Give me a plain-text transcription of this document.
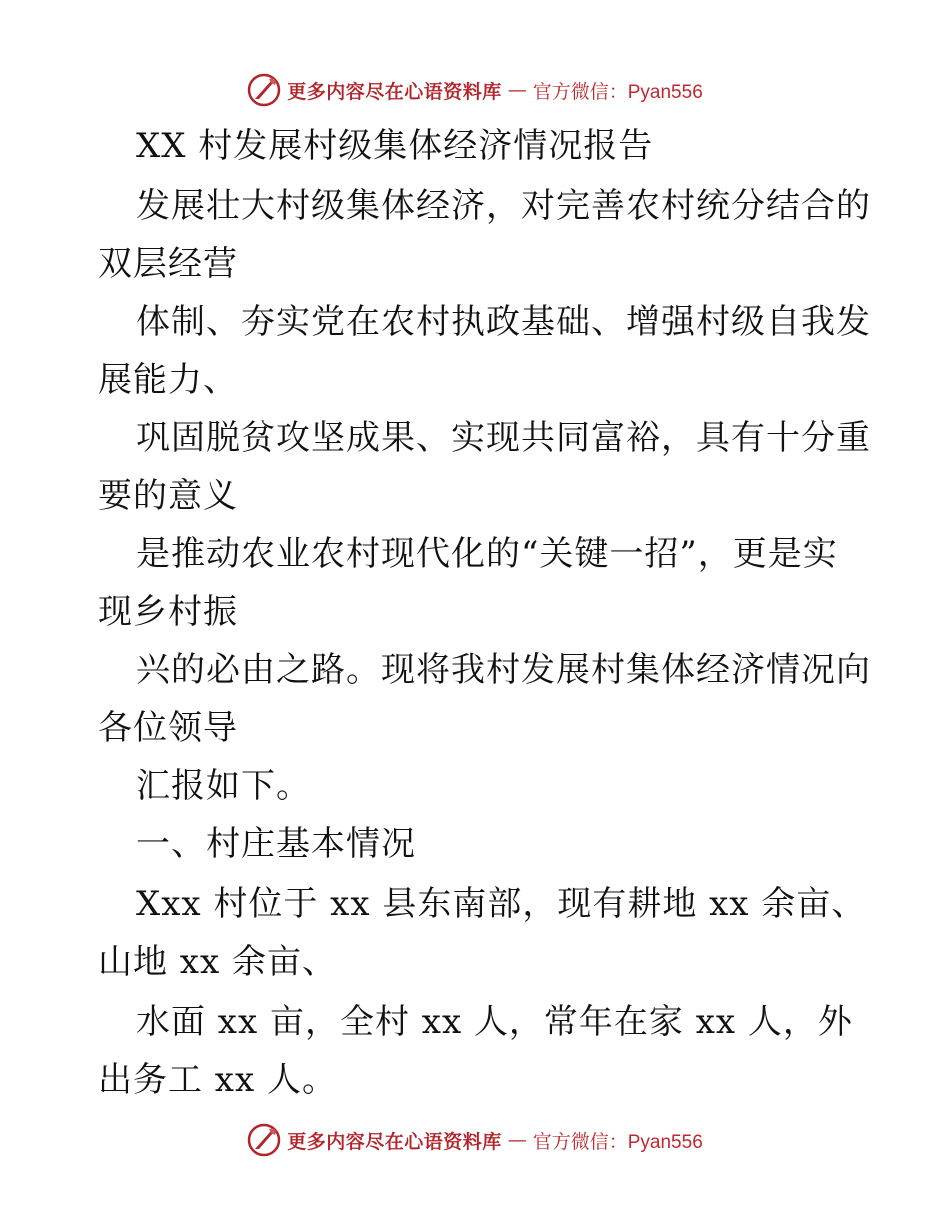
更多内容尽在心语资料库 — 官方微信：Pyan556
XX 村发展村级集体经济情况报告
发展壮大村级集体经济，对完善农村统分结合的
双层经营
体制、夯实党在农村执政基础、增强村级自我发
展能力、
巩固脱贫攻坚成果、实现共同富裕，具有十分重
要的意义
是推动农业农村现代化的“关键一招”，更是实
现乡村振
兴的必由之路。现将我村发展村集体经济情况向
各位领导
汇报如下。
一、村庄基本情况
Xxx 村位于 xx 县东南部，现有耕地 xx 余亩、
山地 xx 余亩、
水面 xx 亩，全村 xx 人，常年在家 xx 人，外
出务工 xx 人。
更多内容尽在心语资料库 — 官方微信：Pyan556
